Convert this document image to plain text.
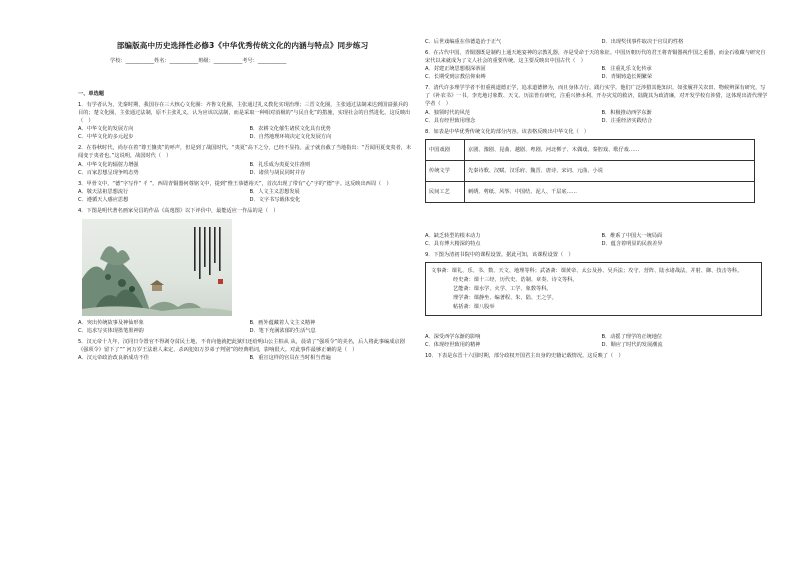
部编版高中历史选择性必修3《中华优秀传统文化的内涵与特点》同步练习
学校：___________姓名：___________班级：___________考号：___________
一、单选题

1．有学者认为，先秦时期，我国存在三大核心文化圈：齐鲁文化圈，主张通过礼义教化实现治理；三晋文化圈，主张通过法制来达到国富强兵的目的；楚文化圈，主张通过法制，原不主张礼义，认为应该以法制，而是采取一种相对消极的“与民自化”的措施，实现社会的自然进化。这反映出（　）

A．中华文化的发展方向	B．农耕文化催生诸侯文化具有优势
C．中华文化的多元起步	D．自然地理环境决定文化发展方向

2．在春秋时代，尚存在着“尊王攘夷”的呼声，但是到了战国时代，“夷夏”高下之分，已经不显持。孟子就直截了当地指出：“吾闻用夏变夷者，未闻变于夷者也。”这说明，战国时代（　）

A．中华文化的辐射力增强	B．礼乐成为夷夏交往准则
C．百家思想呈现争鸣态势	D．诸侯与胡民同时并存

3．甲骨文中，“德”字写作“ 彳 ”。西周青铜器何尊铭文中，提到“惟王恭德裕天”，首次出现了带有“心”字的“德”字。这反映出西周（　）

A．敬天法祖思想流行	B．人文主义思想发展
C．遵循天人感应思想	D．文字书写载体变化

4．下图是明代著名画家吴昌的作品《高逸图》以下评价中，最能适应一作品的是（　）

A．突出传统故事及神仙形象	B．画外蕴藏着人文主义精神
C．追求写实体现墨笔墨神韵	D．笔下充满浓郁的生活气息

5．汉元帝十九年，汉同日令置官不得剥夺贫民土地，不肯向他就把此狱归还给明山公主柏从 从，晨请了“强项令”的美名，后人将此事编成京剧《强项令》留下了“” 河万岁王法谁人来定，杀凶犯如万岁弟子判别”的经典唱词，影响很大。对此事件最够正确的是（　）

A．汉元帝政治改良新成功不佳	B．重宣这样的官员在当时相当普遍
C．后世戏编重在伟德造治于正气	D．出现奖伐事件取决于官员的性格

6．在古代中国，青铜器既是制约上通天地宴神的宗教礼器，亦是受命于天的象征。中国历朝历代的君王将青铜器视作国之重器，而金石收藏与研究自宋代以来就成为了文人社会的重要传统。这主要反映出中国古代（　）

A．封建正统思想根深蒂固	B．注重礼乐文化传承
C．长期受到宗教信仰束缚	D．青铜铸造长期繁荣

7．清代许多理学学者不但重视道德正学，追求道德修为，而且身体力行，践行实学。他们广泛涉猎其他知识，如张履祥关农田、物候辨深有研究，写了《补农书》一书。李光地讨象数、天文、历法皆有研究，注重兴修水利、开办灾荒的救济，陆陇其为政清廉，对开发学校有涉猎，这体现出清代理学学者（　）

A．独领时代的风范	B．积极推动西学东渐
C．具有经世致用理念	D．注重经济实践结合

8．如表是中华优秀传统文化的部分内容。该表格反映出中华文化（　）

中国戏剧	京剧、豫剧、昆曲、越剧、粤剧、河北梆子、木偶戏、秦腔戏、歌仔戏……
传统文学	先秦诗歌、汉赋、汉乐府、魏晋、唐诗、宋词、元曲、小说
民间工艺	刺绣、剪纸、风筝、中国结、泥人、千层底……
A．缺乏转型的根本动力	B．维系了中国大一统局面
C．具有博大精深的特点	D．蕴含着明显的民族差异

9．下图为清初书院中的课程设置。据此可知，该课程设置（　）

文事斋：课礼、乐、书、数、天文、地理等科；武备斋：课黄帝、太公及孙、吴兵法；攻守、营阵、陆水诸战法，并射、御、技击等科。

经史斋：课十三经、历代史、诰制、章奏、诗文等科。

艺能斋：课水学、火学、工学、象数等科。

理学斋：课静坐、编著程、朱、陆、王之学。

帖括斋：课八股举

A．深受西学东渐的影响	B．动摇了理学的正统地位
C．体现经世致用的精神	D．顺应了时代的发展潮流

10．下表是东晋十六国时期，部分政权开国君主出身的史籍记载情况。这反映了（　）
